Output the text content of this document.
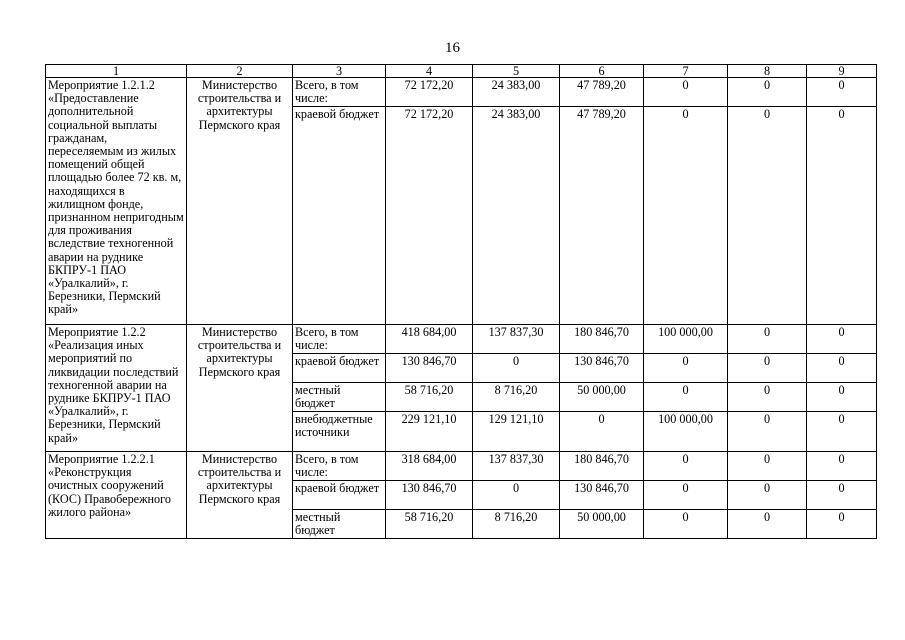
16
1	2	3	4	5	6	7	8	9
Мероприятие 1.2.1.2 «Предоставление дополнительной социальной выплаты гражданам, переселяемым из жилых помещений общей площадью более 72 кв. м, находящихся в жилищном фонде, признанном непригодным для проживания вследствие техногенной аварии на руднике БКПРУ-1 ПАО «Уралкалий», г. Березники, Пермский край»	Министерство строительства и архитектуры Пермского края	Всего, в том числе:	72 172,20	24 383,00	47 789,20	0	0	0
		краевой бюджет	72 172,20	24 383,00	47 789,20	0	0	0
Мероприятие 1.2.2 «Реализация иных мероприятий по ликвидации последствий техногенной аварии на руднике БКПРУ-1 ПАО «Уралкалий», г. Березники, Пермский край»	Министерство строительства и архитектуры Пермского края	Всего, в том числе:	418 684,00	137 837,30	180 846,70	100 000,00	0	0
		краевой бюджет	130 846,70	0	130 846,70	0	0	0
		местный бюджет	58 716,20	8 716,20	50 000,00	0	0	0
		внебюджетные источники	229 121,10	129 121,10	0	100 000,00	0	0
Мероприятие 1.2.2.1 «Реконструкция очистных сооружений (КОС) Правобережного жилого района»	Министерство строительства и архитектуры Пермского края	Всего, в том числе:	318 684,00	137 837,30	180 846,70	0	0	0
		краевой бюджет	130 846,70	0	130 846,70	0	0	0
		местный бюджет	58 716,20	8 716,20	50 000,00	0	0	0
